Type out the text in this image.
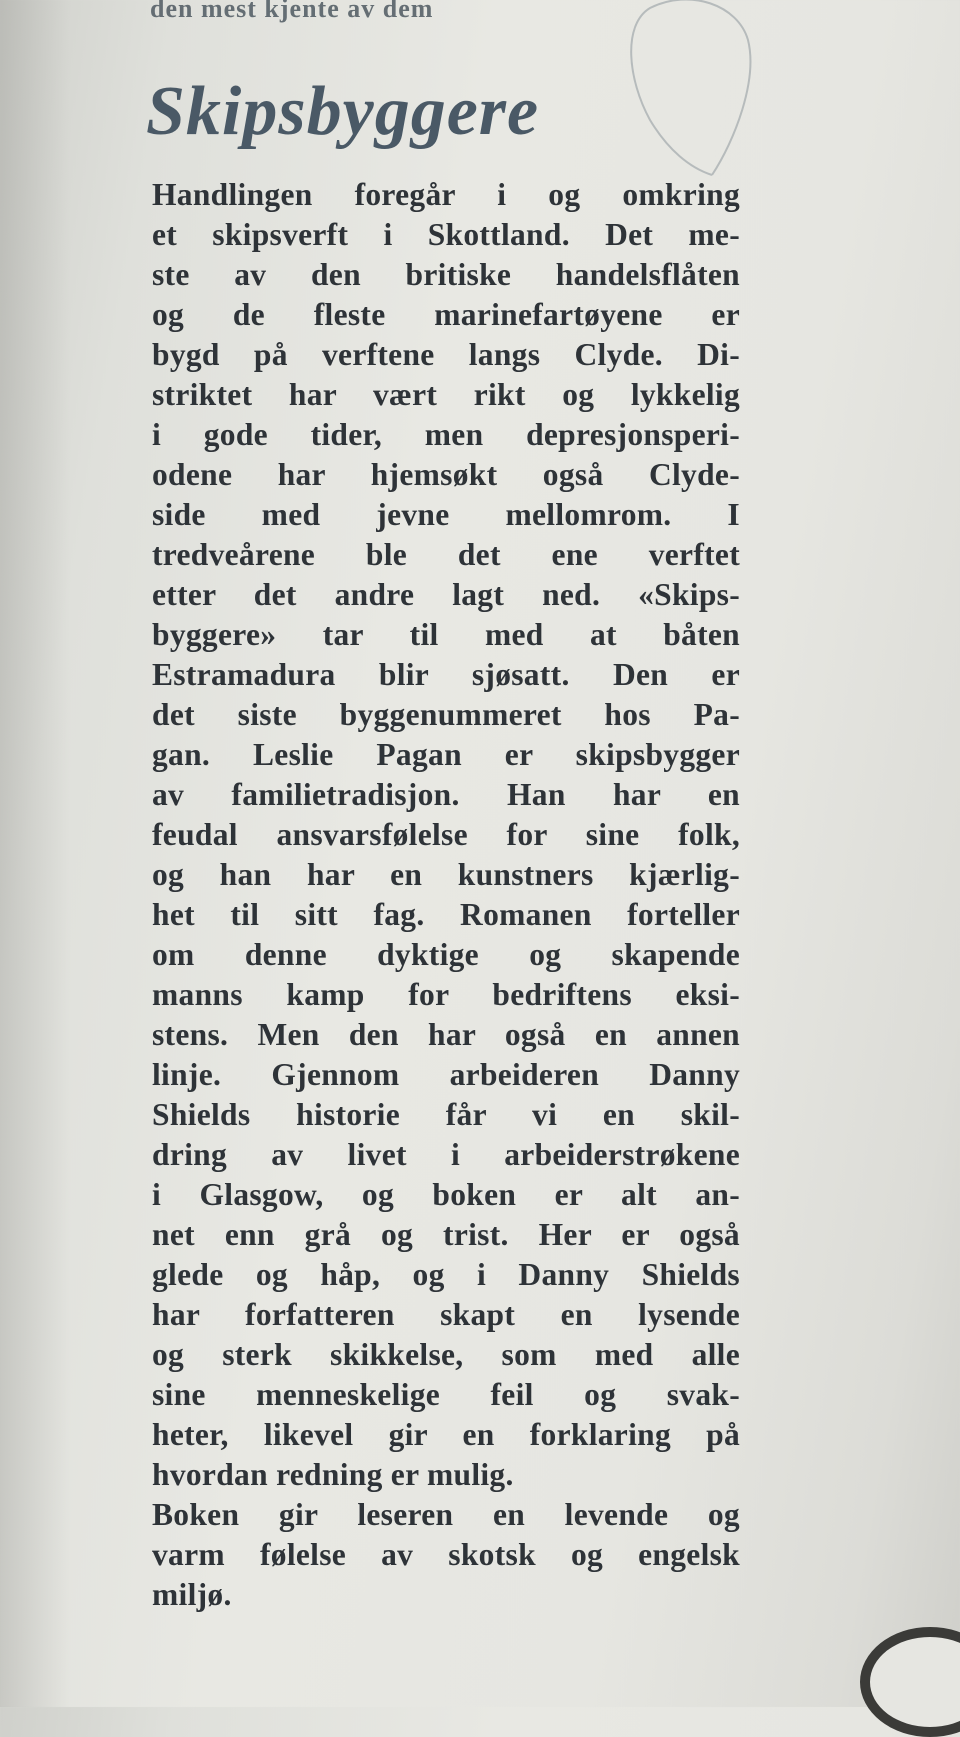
den mest kjente av dem
Skipsbyggere
Handlingen foregår i og omkring
et skipsverft i Skottland. Det me-
ste av den britiske handelsflåten
og de fleste marinefartøyene er
bygd på verftene langs Clyde. Di-
striktet har vært rikt og lykkelig
i gode tider, men depresjonsperi-
odene har hjemsøkt også Clyde-
side med jevne mellomrom. I
tredveårene ble det ene verftet
etter det andre lagt ned. «Skips-
byggere» tar til med at båten
Estramadura blir sjøsatt. Den er
det siste byggenummeret hos Pa-
gan. Leslie Pagan er skipsbygger
av familietradisjon. Han har en
feudal ansvarsfølelse for sine folk,
og han har en kunstners kjærlig-
het til sitt fag. Romanen forteller
om denne dyktige og skapende
manns kamp for bedriftens eksi-
stens. Men den har også en annen
linje. Gjennom arbeideren Danny
Shields historie får vi en skil-
dring av livet i arbeiderstrøkene
i Glasgow, og boken er alt an-
net enn grå og trist. Her er også
glede og håp, og i Danny Shields
har forfatteren skapt en lysende
og sterk skikkelse, som med alle
sine menneskelige feil og svak-
heter, likevel gir en forklaring på
hvordan redning er mulig.
Boken gir leseren en levende og
varm følelse av skotsk og engelsk
miljø.
